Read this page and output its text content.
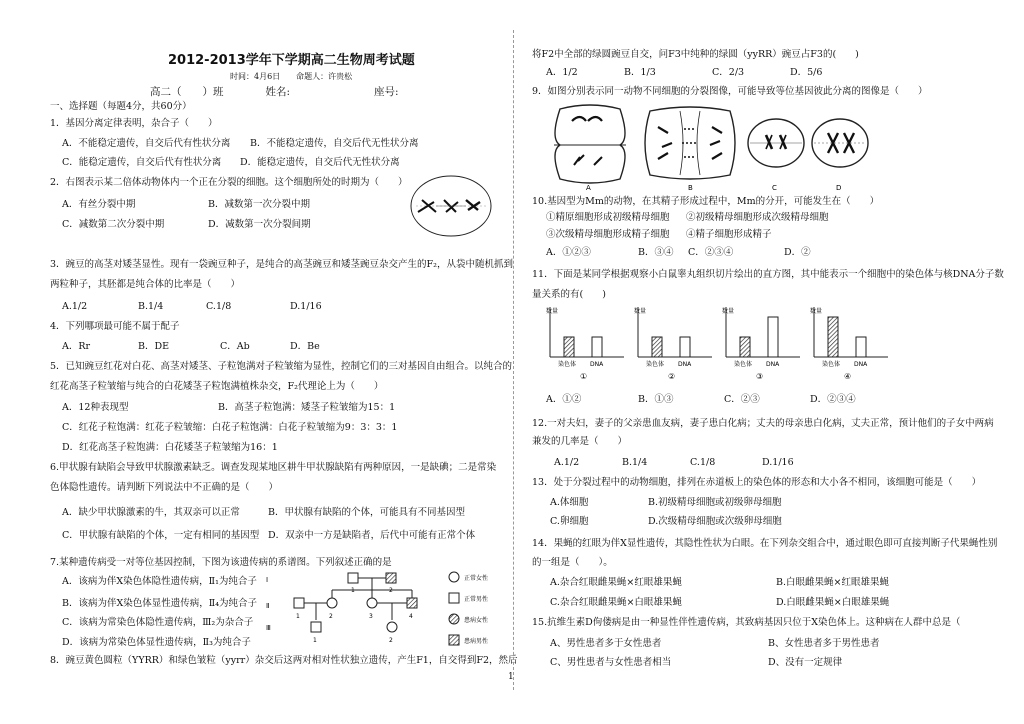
2012-2013学年下学期高二生物周考试题
时间：4月6日　　命题人：许贵松
高二（　　）班　　　　姓名:　　　　　　　　座号:
一、选择题（每题4分，共60分）
1．基因分离定律表明，杂合子（　　）
A．不能稳定遗传，自交后代有性状分离 B．不能稳定遗传，自交后代无性状分离
C．能稳定遗传，自交后代有性状分离 D．能稳定遗传，自交后代无性状分离
2．右图表示某二倍体动物体内一个正在分裂的细胞。这个细胞所处的时期为（　　）
A．有丝分裂中期	B．减数第一次分裂中期
C．减数第二次分裂中期	D．减数第一次分裂间期
3．豌豆的高茎对矮茎显性。现有一袋豌豆种子，是纯合的高茎豌豆和矮茎豌豆杂交产生的F₂，从袋中随机抓到
两粒种子，其胚都是纯合体的比率是（　　）
A.1/2	B.1/4	C.1/8	D.1/16
4．下列哪项最可能不属于配子
A．Rr	B．DE	C．Ab	D．Be
5．已知豌豆红花对白花、高茎对矮茎、子粒饱满对子粒皱缩为显性，控制它们的三对基因自由组合。以纯合的
红花高茎子粒皱缩与纯合的白花矮茎子粒饱满植株杂交，F₂代理论上为（　　）
A．12种表现型	B．高茎子粒饱满：矮茎子粒皱缩为15：1
C．红花子粒饱满：红花子粒皱缩：白花子粒饱满：白花子粒皱缩为9：3：3：1
D．红花高茎子粒饱满：白花矮茎子粒皱缩为16：1
6.甲状腺有缺陷会导致甲状腺激素缺乏。调查发现某地区耕牛甲状腺缺陷有两种原因，一是缺碘；二是常染
色体隐性遗传。请判断下列说法中不正确的是（　　）
A．缺少甲状腺激素的牛，其双亲可以正常	B．甲状腺有缺陷的个体，可能具有不同基因型
C．甲状腺有缺陷的个体，一定有相同的基因型 D．双亲中一方是缺陷者，后代中可能有正常个体
7.某种遗传病受一对等位基因控制，下图为该遗传病的系谱图。下列叙述正确的是
A．该病为伴X染色体隐性遗传病，Ⅱ₁为纯合子
B．该病为伴X染色体显性遗传病，Ⅱ₄为纯合子
C．该病为常染色体隐性遗传病，Ⅲ₂为杂合子
D．该病为常染色体显性遗传病，Ⅱ₃为纯合子
Ⅰ
Ⅱ
Ⅲ
1	2
1	2	3	4
1	2
正常女性
正常男性
患病女性
患病男性
8．豌豆黄色圆粒（YYRR）和绿色皱粒（yyrr）杂交后这两对相对性状独立遗传，产生F1，自交得到F2，然后
将F2中全部的绿圆豌豆自交，问F3中纯种的绿圆（yyRR）豌豆占F3的(　　)
A．1/2	B．1/3	C．2/3	D．5/6
9．如图分别表示同一动物不同细胞的分裂图像，可能导致等位基因彼此分离的图像是（　　）
A	B	C	D
10.基因型为Mm的动物，在其精子形成过程中，Mm的分开，可能发生在（　　）
①精原细胞形成初级精母细胞 ②初级精母细胞形成次级精母细胞
③次级精母细胞形成精子细胞 ④精子细胞形成精子
A．①②③	B．③④ C．②③④	D．②
11．下面是某同学根据观察小白鼠睾丸组织切片绘出的直方图，其中能表示一个细胞中的染色体与核DNA分子数
量关系的有(　　)
数量
染色体 DNA
①
数量
染色体 DNA
②
数量
染色体 DNA
③
数量
染色体 DNA
④
A．①②	B．①③	C．②③	D．②③④
12.一对夫妇，妻子的父亲患血友病，妻子患白化病；丈夫的母亲患白化病，丈夫正常，预计他们的子女中两病
兼发的几率是（　　）
A.1/2	B.1/4	C.1/8	D.1/16
13．处于分裂过程中的动物细胞，排列在赤道板上的染色体的形态和大小各不相同，该细胞可能是（　　）
A.体细胞	B.初级精母细胞或初级卵母细胞
C.卵细胞	D.次级精母细胞或次级卵母细胞
14．果蝇的红眼为伴X显性遗传，其隐性性状为白眼。在下列杂交组合中，通过眼色即可直接判断子代果蝇性别
的一组是（　　）。
A.杂合红眼雌果蝇×红眼雄果蝇	B.白眼雌果蝇×红眼雄果蝇
C.杂合红眼雌果蝇×白眼雄果蝇	D.白眼雌果蝇×白眼雄果蝇
15.抗维生素D佝偻病是由一种显性伴性遗传病，其致病基因只位于X染色体上。这种病在人群中总是（
A、男性患者多于女性患者	B、女性患者多于男性患者
C、男性患者与女性患者相当	D、没有一定规律
1
